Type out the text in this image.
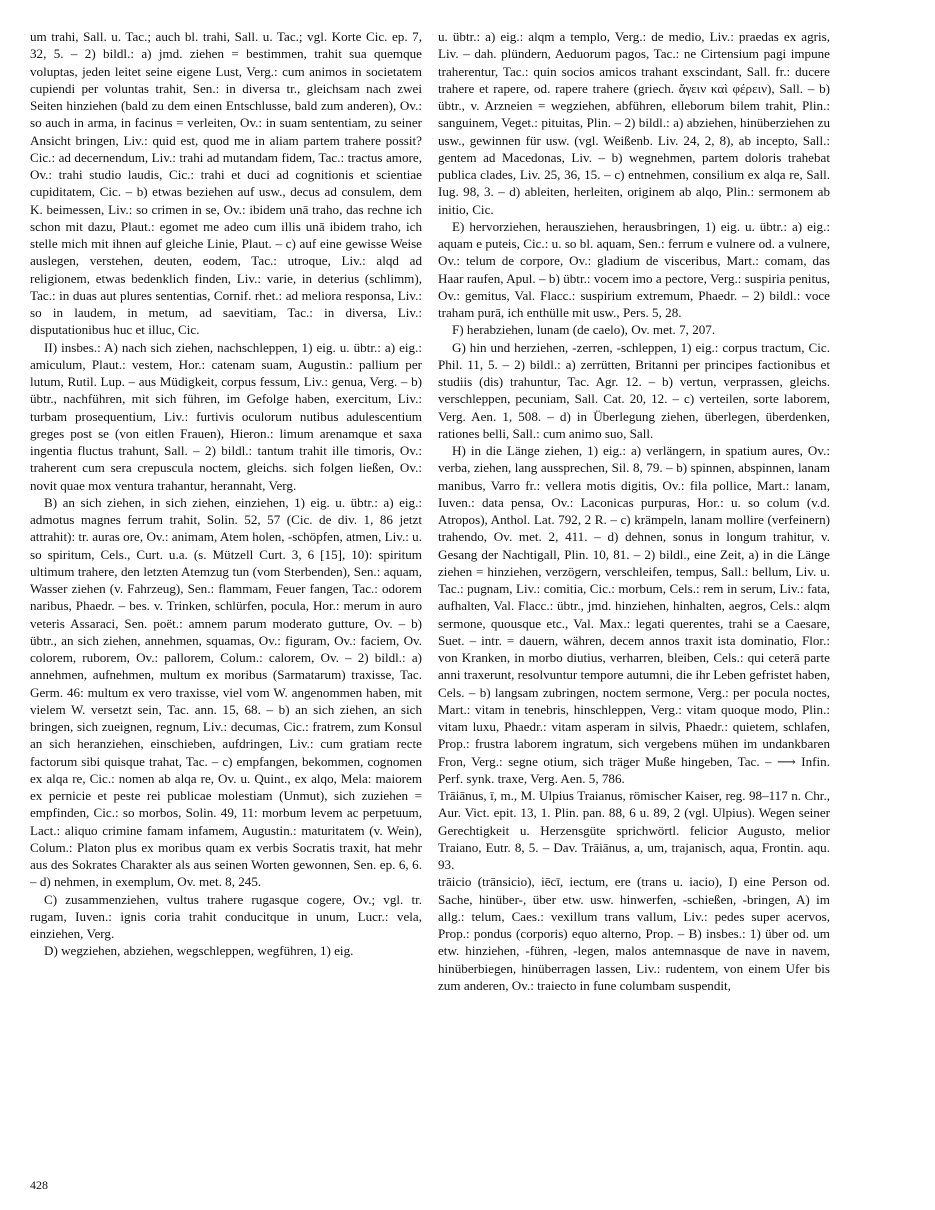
um trahi, Sall. u. Tac.; auch bl. trahi, Sall. u. Tac.; vgl. Korte Cic. ep. 7, 32, 5. – 2) bildl.: a) jmd. ziehen = bestimmen, trahit sua quemque voluptas, jeden leitet seine eigene Lust, Verg.: cum animos in societatem cupiendi per voluntas trahit, Sen.: in diversa tr., gleichsam nach zwei Seiten hinziehen (bald zu dem einen Entschlusse, bald zum anderen), Ov.: so auch in arma, in facinus = verleiten, Ov.: in suam sententiam, zu seiner Ansicht bringen, Liv.: quid est, quod me in aliam partem trahere possit? Cic.: ad decernendum, Liv.: trahi ad mutandam fidem, Tac.: tractus amore, Ov.: trahi studio laudis, Cic.: trahi et duci ad cognitionis et scientiae cupiditatem, Cic. – b) etwas beziehen auf usw., decus ad consulem, dem K. beimessen, Liv.: so crimen in se, Ov.: ibidem unā traho, das rechne ich schon mit dazu, Plaut.: egomet me adeo cum illis unā ibidem traho, ich stelle mich mit ihnen auf gleiche Linie, Plaut. – c) auf eine gewisse Weise auslegen, verstehen, deuten, eodem, Tac.: utroque, Liv.: alqd ad religionem, etwas bedenklich finden, Liv.: varie, in deterius (schlimm), Tac.: in duas aut plures sententias, Cornif. rhet.: ad meliora responsa, Liv.: so in laudem, in metum, ad saevitiam, Tac.: in diversa, Liv.: disputationibus huc et illuc, Cic.

II) insbes.: A) nach sich ziehen, nachschleppen, 1) eig. u. übtr.: a) eig.: amiculum, Plaut.: vestem, Hor.: catenam suam, Augustin.: pallium per lutum, Rutil. Lup. – aus Müdigkeit, corpus fessum, Liv.: genua, Verg. – b) übtr., nachführen, mit sich führen, im Gefolge haben, exercitum, Liv.: turbam prosequentium, Liv.: furtivis oculorum nutibus adulescentium greges post se (von eitlen Frauen), Hieron.: limum arenamque et saxa ingentia fluctus trahunt, Sall. – 2) bildl.: tantum trahit ille timoris, Ov.: traherent cum sera crepuscula noctem, gleichs. sich folgen ließen, Ov.: novit quae mox ventura trahantur, herannaht, Verg.

B) an sich ziehen, in sich ziehen, einziehen, 1) eig. u. übtr.: a) eig.: admotus magnes ferrum trahit, Solin. 52, 57 (Cic. de div. 1, 86 jetzt attrahit): tr. auras ore, Ov.: animam, Atem holen, -schöpfen, atmen, Liv.: u. so spiritum, Cels., Curt. u.a. (s. Mützell Curt. 3, 6 [15], 10): spiritum ultimum trahere, den letzten Atemzug tun (vom Sterbenden), Sen.: aquam, Wasser ziehen (v. Fahrzeug), Sen.: flammam, Feuer fangen, Tac.: odorem naribus, Phaedr. – bes. v. Trinken, schlürfen, pocula, Hor.: merum in auro veteris Assaraci, Sen. poët.: amnem parum moderato gutture, Ov. – b) übtr., an sich ziehen, annehmen, squamas, Ov.: figuram, Ov.: faciem, Ov. colorem, ruborem, Ov.: pallorem, Colum.: calorem, Ov. – 2) bildl.: a) annehmen, aufnehmen, multum ex moribus (Sarmatarum) traxisse, Tac. Germ. 46: multum ex vero traxisse, viel vom W. angenommen haben, mit vielem W. versetzt sein, Tac. ann. 15, 68. – b) an sich ziehen, an sich bringen, sich zueignen, regnum, Liv.: decumas, Cic.: fratrem, zum Konsul an sich heranziehen, einschieben, aufdringen, Liv.: cum gratiam recte factorum sibi quisque trahat, Tac. – c) empfangen, bekommen, cognomen ex alqa re, Cic.: nomen ab alqa re, Ov. u. Quint., ex alqo, Mela: maiorem ex pernicie et peste rei publicae molestiam (Unmut), sich zuziehen = empfinden, Cic.: so morbos, Solin. 49, 11: morbum levem ac perpetuum, Lact.: aliquo crimine famam infamem, Augustin.: maturitatem (v. Wein), Colum.: Platon plus ex moribus quam ex verbis Socratis traxit, hat mehr aus des Sokrates Charakter als aus seinen Worten gewonnen, Sen. ep. 6, 6. – d) nehmen, in exemplum, Ov. met. 8, 245.

C) zusammenziehen, vultus trahere rugasque cogere, Ov.; vgl. tr. rugam, Iuven.: ignis coria trahit conducitque in unum, Lucr.: vela, einziehen, Verg.

D) wegziehen, abziehen, wegschleppen, wegführen, 1) eig.

u. übtr.: a) eig.: alqm a templo, Verg.: de medio, Liv.: praedas ex agris, Liv. – dah. plündern, Aeduorum pagos, Tac.: ne Cirtensium pagi impune traherentur, Tac.: quin socios amicos trahant exscindant, Sall. fr.: ducere trahere et rapere, od. rapere trahere (griech. ἄγειν καὶ φέρειν), Sall. – b) übtr., v. Arzneien = wegziehen, abführen, elleborum bilem trahit, Plin.: sanguinem, Veget.: pituitas, Plin. – 2) bildl.: a) abziehen, hinüberziehen zu usw., gewinnen für usw. (vgl. Weißenb. Liv. 24, 2, 8), ab incepto, Sall.: gentem ad Macedonas, Liv. – b) wegnehmen, partem doloris trahebat publica clades, Liv. 25, 36, 15. – c) entnehmen, consilium ex alqa re, Sall. Iug. 98, 3. – d) ableiten, herleiten, originem ab alqo, Plin.: sermonem ab initio, Cic.

E) hervorziehen, herausziehen, herausbringen, 1) eig. u. übtr.: a) eig.: aquam e puteis, Cic.: u. so bl. aquam, Sen.: ferrum e vulnere od. a vulnere, Ov.: telum de corpore, Ov.: gladium de visceribus, Mart.: comam, das Haar raufen, Apul. – b) übtr.: vocem imo a pectore, Verg.: suspiria penitus, Ov.: gemitus, Val. Flacc.: suspirium extremum, Phaedr. – 2) bildl.: voce traham purā, ich enthülle mit usw., Pers. 5, 28.

F) herabziehen, lunam (de caelo), Ov. met. 7, 207.

G) hin und herziehen, -zerren, -schleppen, 1) eig.: corpus tractum, Cic. Phil. 11, 5. – 2) bildl.: a) zerrütten, Britanni per principes factionibus et studiis (dis) trahuntur, Tac. Agr. 12. – b) vertun, verprassen, gleichs. verschleppen, pecuniam, Sall. Cat. 20, 12. – c) verteilen, sorte laborem, Verg. Aen. 1, 508. – d) in Überlegung ziehen, überlegen, überdenken, rationes belli, Sall.: cum animo suo, Sall.

H) in die Länge ziehen, 1) eig.: a) verlängern, in spatium aures, Ov.: verba, ziehen, lang aussprechen, Sil. 8, 79. – b) spinnen, abspinnen, lanam manibus, Varro fr.: vellera motis digitis, Ov.: fila pollice, Mart.: lanam, Iuven.: data pensa, Ov.: Laconicas purpuras, Hor.: u. so colum (v.d. Atropos), Anthol. Lat. 792, 2 R. – c) krämpeln, lanam mollire (verfeinern) trahendo, Ov. met. 2, 411. – d) dehnen, sonus in longum trahitur, v. Gesang der Nachtigall, Plin. 10, 81. – 2) bildl., eine Zeit, a) in die Länge ziehen = hinziehen, verzögern, verschleifen, tempus, Sall.: bellum, Liv. u. Tac.: pugnam, Liv.: comitia, Cic.: morbum, Cels.: rem in serum, Liv.: fata, aufhalten, Val. Flacc.: übtr., jmd. hinziehen, hinhalten, aegros, Cels.: alqm sermone, quousque etc., Val. Max.: legati querentes, trahi se a Caesare, Suet. – intr. = dauern, währen, decem annos traxit ista dominatio, Flor.: von Kranken, in morbo diutius, verharren, bleiben, Cels.: qui ceterā parte anni traxerunt, resolvuntur tempore autumni, die ihr Leben gefristet haben, Cels. – b) langsam zubringen, noctem sermone, Verg.: per pocula noctes, Mart.: vitam in tenebris, hinschleppen, Verg.: vitam quoque modo, Plin.: vitam luxu, Phaedr.: vitam asperam in silvis, Phaedr.: quietem, schlafen, Prop.: frustra laborem ingratum, sich vergebens mühen im undankbaren Fron, Verg.: segne otium, sich träger Muße hingeben, Tac. – ⟶ Infin. Perf. synk. traxe, Verg. Aen. 5, 786.

Trāiānus, ī, m., M. Ulpius Traianus, römischer Kaiser, reg. 98–117 n. Chr., Aur. Vict. epit. 13, 1. Plin. pan. 88, 6 u. 89, 2 (vgl. Ulpius). Wegen seiner Gerechtigkeit u. Herzensgüte sprichwörtl. felicior Augusto, melior Traiano, Eutr. 8, 5. – Dav. Trāiānus, a, um, trajanisch, aqua, Frontin. aqu. 93.

trāicio (trānsicio), iēcī, iectum, ere (trans u. iacio), I) eine Person od. Sache, hinüber-, über etw. usw. hinwerfen, -schießen, -bringen, A) im allg.: telum, Caes.: vexillum trans vallum, Liv.: pedes super acervos, Prop.: pondus (corporis) equo alterno, Prop. – B) insbes.: 1) über od. um etw. hinziehen, -führen, -legen, malos antemnasque de nave in navem, hinüberbiegen, hinüberragen lassen, Liv.: rudentem, von einem Ufer bis zum anderen, Ov.: traiecto in fune columbam suspendit,

428
